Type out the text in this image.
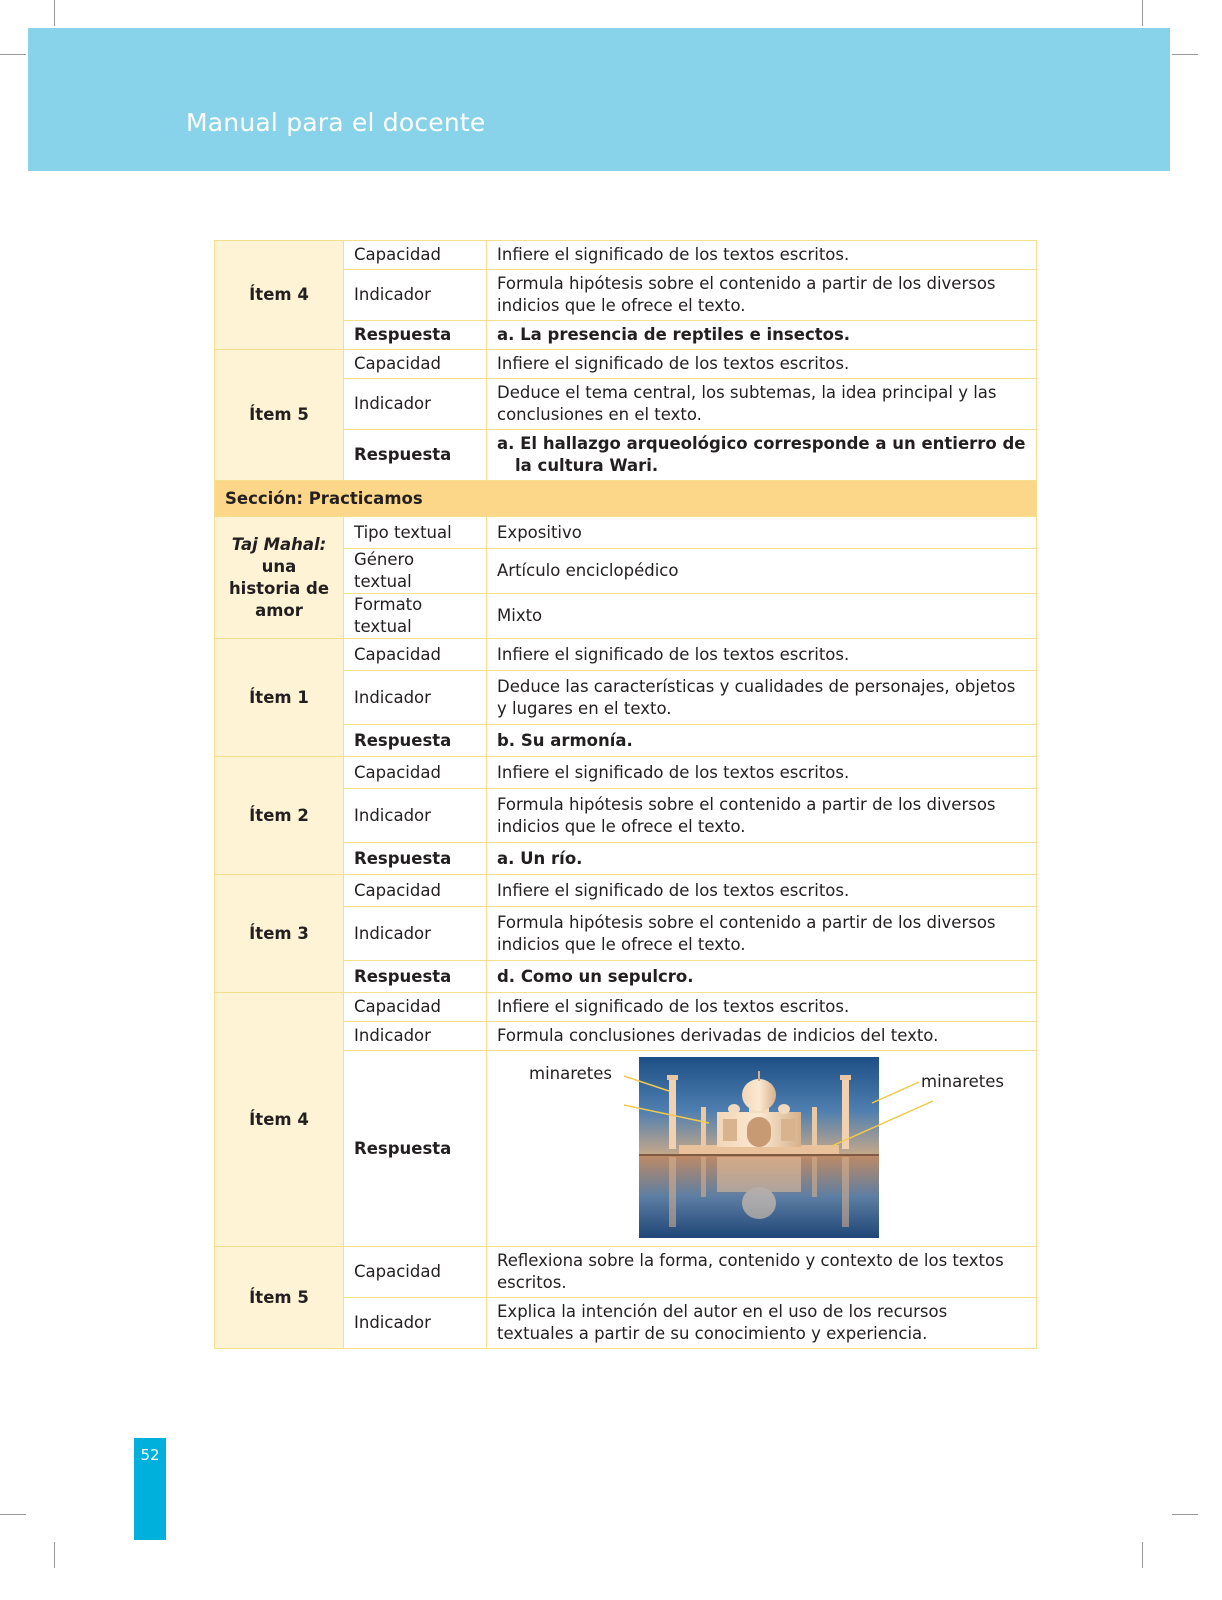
Manual para el docente
Ítem 4	Capacidad	Infiere el significado de los textos escritos.
	Indicador	Formula hipótesis sobre el contenido a partir de los diversos indicios que le ofrece el texto.
	Respuesta	a. La presencia de reptiles e insectos.
Ítem 5	Capacidad	Infiere el significado de los textos escritos.
	Indicador	Deduce el tema central, los subtemas, la idea principal y las conclusiones en el texto.
	Respuesta	a. El hallazgo arqueológico corresponde a un entierro de la cultura Wari.

Sección: Practicamos		
Taj Mahal:
una historia de amor	Tipo textual	Expositivo
	Género textual	Artículo enciclopédico
	Formato textual	Mixto
Ítem 1	Capacidad	Infiere el significado de los textos escritos.
	Indicador	Deduce las características y cualidades de personajes, objetos y lugares en el texto.
	Respuesta	b. Su armonía.
Ítem 2	Capacidad	Infiere el significado de los textos escritos.
	Indicador	Formula hipótesis sobre el contenido a partir de los diversos indicios que le ofrece el texto.
	Respuesta	a. Un río.
Ítem 3	Capacidad	Infiere el significado de los textos escritos.
	Indicador	Formula hipótesis sobre el contenido a partir de los diversos indicios que le ofrece el texto.
	Respuesta	d. Como un sepulcro.
Ítem 4	Capacidad	Infiere el significado de los textos escritos.
	Indicador	Formula conclusiones derivadas de indicios del texto.
	Respuesta	minaretes minaretes

Ítem 5	Capacidad	Reflexiona sobre la forma, contenido y contexto de los textos escritos.
	Indicador	Explica la intención del autor en el uso de los recursos textuales a partir de su conocimiento y experiencia.
52
